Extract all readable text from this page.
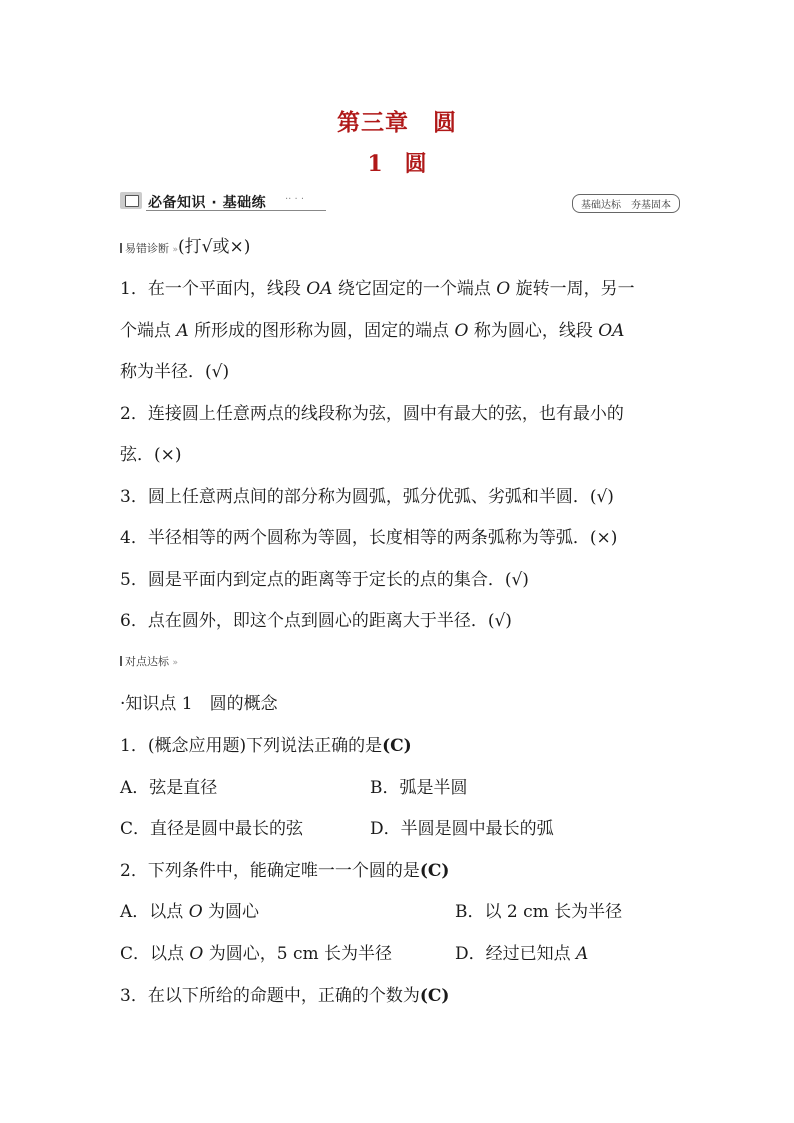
第三章　圆
1　圆
必备知识 · 基础练 ·· · ·
基础达标　夯基固本
易错诊断 »(打√或×)
1．在一个平面内，线段 OA 绕它固定的一个端点 O 旋转一周，另一
个端点 A 所形成的图形称为圆，固定的端点 O 称为圆心，线段 OA
称为半径．(√)
2．连接圆上任意两点的线段称为弦，圆中有最大的弦，也有最小的
弦．(×)
3．圆上任意两点间的部分称为圆弧，弧分优弧、劣弧和半圆．(√)
4．半径相等的两个圆称为等圆，长度相等的两条弧称为等弧．(×)
5．圆是平面内到定点的距离等于定长的点的集合．(√)
6．点在圆外，即这个点到圆心的距离大于半径．(√)
对点达标 »
·知识点 1　圆的概念
1．(概念应用题)下列说法正确的是(C)
A．弦是直径	B．弧是半圆
C．直径是圆中最长的弦	D．半圆是圆中最长的弧
2．下列条件中，能确定唯一一个圆的是(C)
A．以点 O 为圆心	B．以 2 cm 长为半径
C．以点 O 为圆心，5 cm 长为半径	D．经过已知点 A
3．在以下所给的命题中，正确的个数为(C)
